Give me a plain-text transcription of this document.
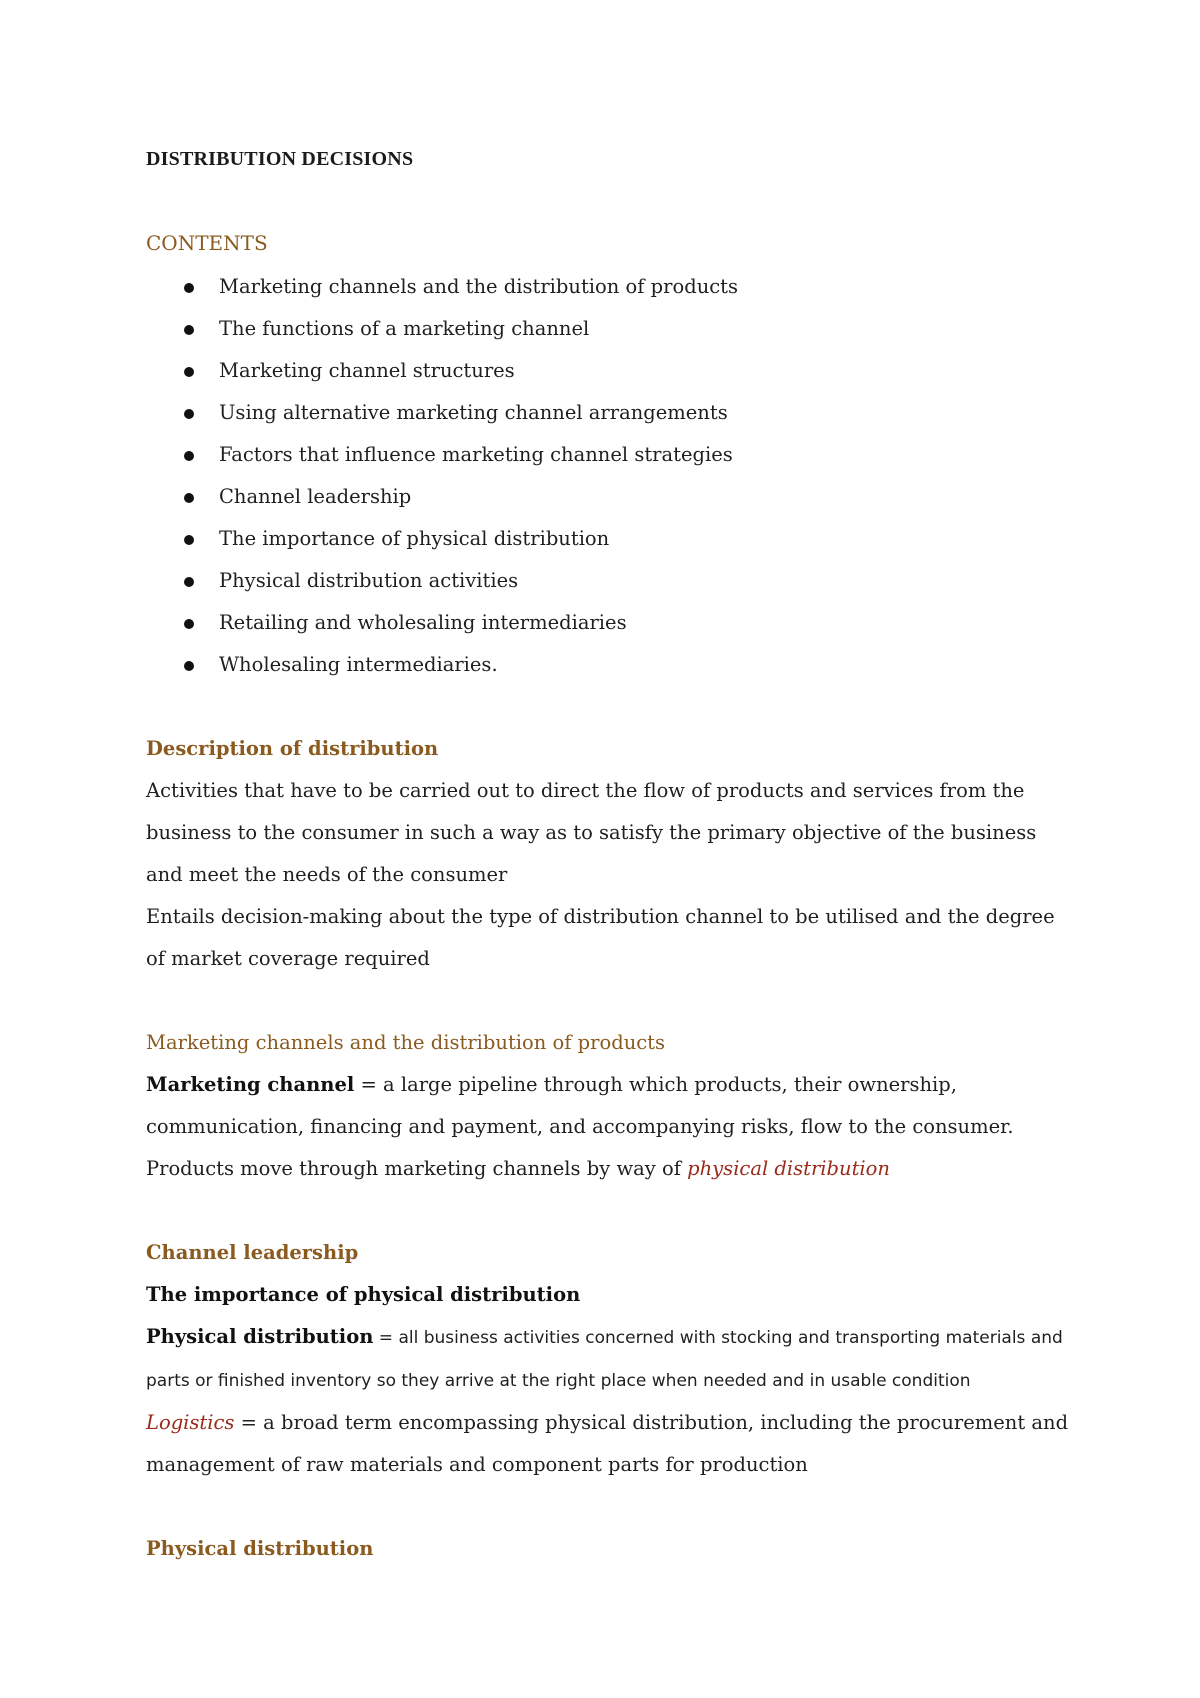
DISTRIBUTION DECISIONS
CONTENTS
Marketing channels and the distribution of products
The functions of a marketing channel
Marketing channel structures
Using alternative marketing channel arrangements
Factors that influence marketing channel strategies
Channel leadership
The importance of physical distribution
Physical distribution activities
Retailing and wholesaling intermediaries
Wholesaling intermediaries.
Description of distribution

Activities that have to be carried out to direct the flow of products and services from the business to the consumer in such a way as to satisfy the primary objective of the business and meet the needs of the consumer

Entails decision-making about the type of distribution channel to be utilised and the degree of market coverage required

Marketing channels and the distribution of products

Marketing channel = a large pipeline through which products, their ownership, communication, financing and payment, and accompanying risks, flow to the consumer.

Products move through marketing channels by way of physical distribution

Channel leadership
The importance of physical distribution

Physical distribution = all business activities concerned with stocking and transporting materials and parts or finished inventory so they arrive at the right place when needed and in usable condition

Logistics = a broad term encompassing physical distribution, including the procurement and management of raw materials and component parts for production

Physical distribution
